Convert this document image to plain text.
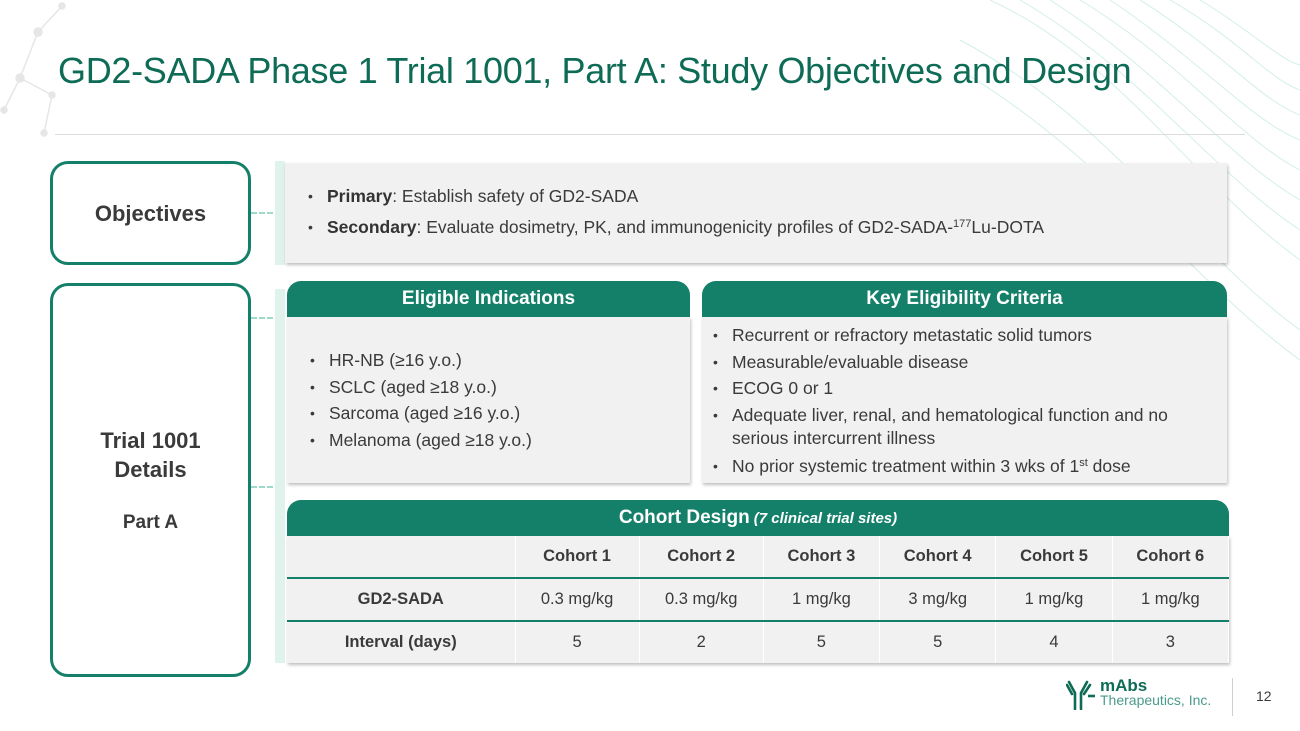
GD2-SADA Phase 1 Trial 1001, Part A: Study Objectives and Design
Objectives
• Primary: Establish safety of GD2-SADA
• Secondary: Evaluate dosimetry, PK, and immunogenicity profiles of GD2-SADA-$^{177}$Lu-DOTA
Trial 1001
Details
Part A
Eligible Indications
• HR-NB (≥16 y.o.)
• SCLC (aged ≥18 y.o.)
• Sarcoma (aged ≥16 y.o.)
• Melanoma (aged ≥18 y.o.)
Key Eligibility Criteria
• Recurrent or refractory metastatic solid tumors
• Measurable/evaluable disease
• ECOG 0 or 1
• Adequate liver, renal, and hematological function and no serious intercurrent illness
• No prior systemic treatment within 3 wks of 1st dose
Cohort Design (7 clinical trial sites)
	Cohort 1	Cohort 2	Cohort 3	Cohort 4	Cohort 5	Cohort 6
GD2-SADA	0.3 mg/kg	0.3 mg/kg	1 mg/kg	3 mg/kg	1 mg/kg	1 mg/kg
Interval (days)	5	2	5	5	4	3
mAbs
Therapeutics, Inc.	12
